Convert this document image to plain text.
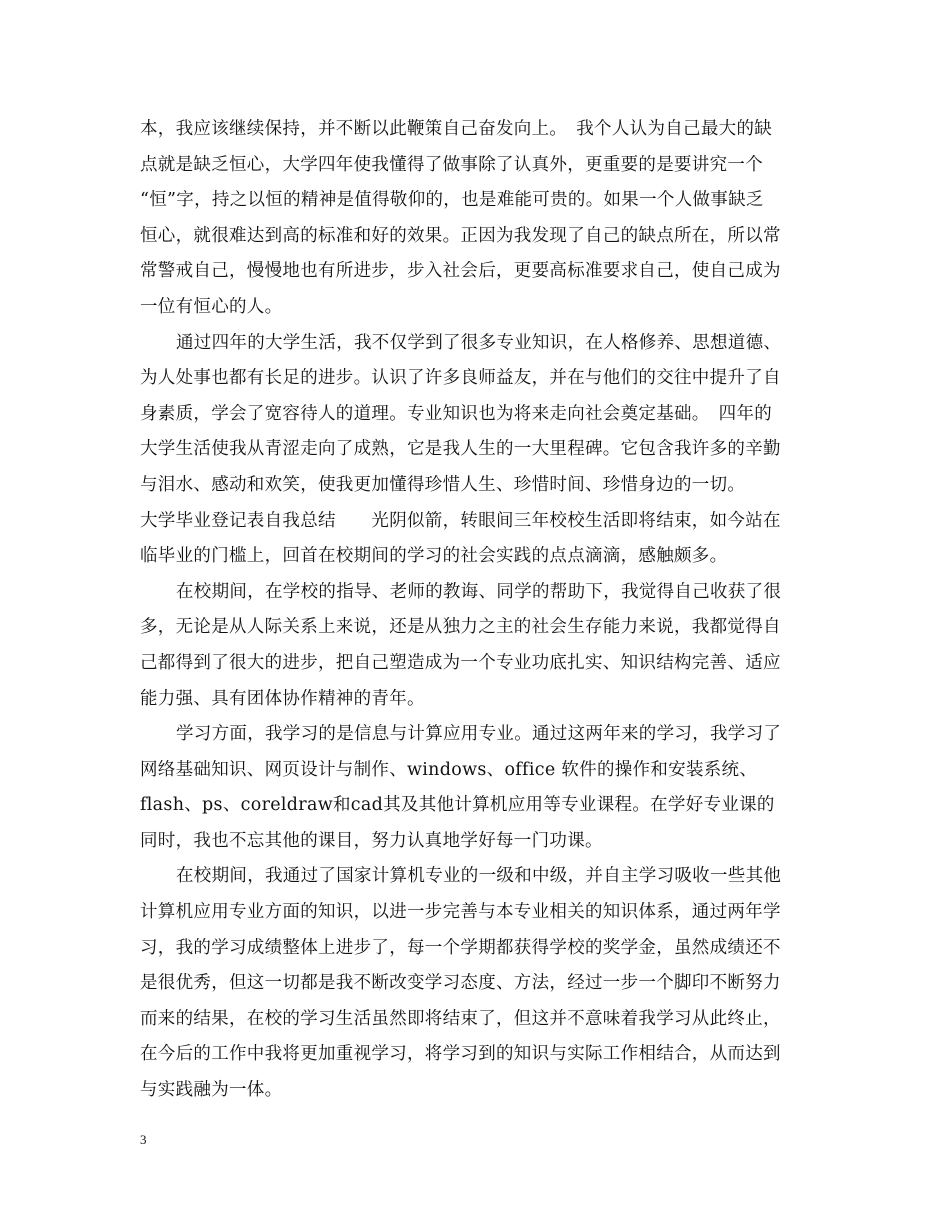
本，我应该继续保持，并不断以此鞭策自己奋发向上。　我个人认为自己最大的缺
点就是缺乏恒心，大学四年使我懂得了做事除了认真外，更重要的是要讲究一个
“恒”字，持之以恒的精神是值得敬仰的，也是难能可贵的。如果一个人做事缺乏
恒心，就很难达到高的标准和好的效果。正因为我发现了自己的缺点所在，所以常
常警戒自己，慢慢地也有所进步，步入社会后，更要高标准要求自己，使自己成为
一位有恒心的人。
通过四年的大学生活，我不仅学到了很多专业知识，在人格修养、思想道德、
为人处事也都有长足的进步。认识了许多良师益友，并在与他们的交往中提升了自
身素质，学会了宽容待人的道理。专业知识也为将来走向社会奠定基础。　四年的
大学生活使我从青涩走向了成熟，它是我人生的一大里程碑。它包含我许多的辛勤
与泪水、感动和欢笑，使我更加懂得珍惜人生、珍惜时间、珍惜身边的一切。
大学毕业登记表自我总结　　光阴似箭，转眼间三年校校生活即将结束，如今站在
临毕业的门槛上，回首在校期间的学习的社会实践的点点滴滴，感触颇多。
在校期间，在学校的指导、老师的教诲、同学的帮助下，我觉得自己收获了很
多，无论是从人际关系上来说，还是从独力之主的社会生存能力来说，我都觉得自
己都得到了很大的进步，把自己塑造成为一个专业功底扎实、知识结构完善、适应
能力强、具有团体协作精神的青年。
学习方面，我学习的是信息与计算应用专业。通过这两年来的学习，我学习了
网络基础知识、网页设计与制作、windows、office 软件的操作和安装系统、
flash、ps、coreldraw和cad其及其他计算机应用等专业课程。在学好专业课的
同时，我也不忘其他的课目，努力认真地学好每一门功课。
在校期间，我通过了国家计算机专业的一级和中级，并自主学习吸收一些其他
计算机应用专业方面的知识，以进一步完善与本专业相关的知识体系，通过两年学
习，我的学习成绩整体上进步了，每一个学期都获得学校的奖学金，虽然成绩还不
是很优秀，但这一切都是我不断改变学习态度、方法，经过一步一个脚印不断努力
而来的结果，在校的学习生活虽然即将结束了，但这并不意味着我学习从此终止，
在今后的工作中我将更加重视学习，将学习到的知识与实际工作相结合，从而达到
与实践融为一体。
3
